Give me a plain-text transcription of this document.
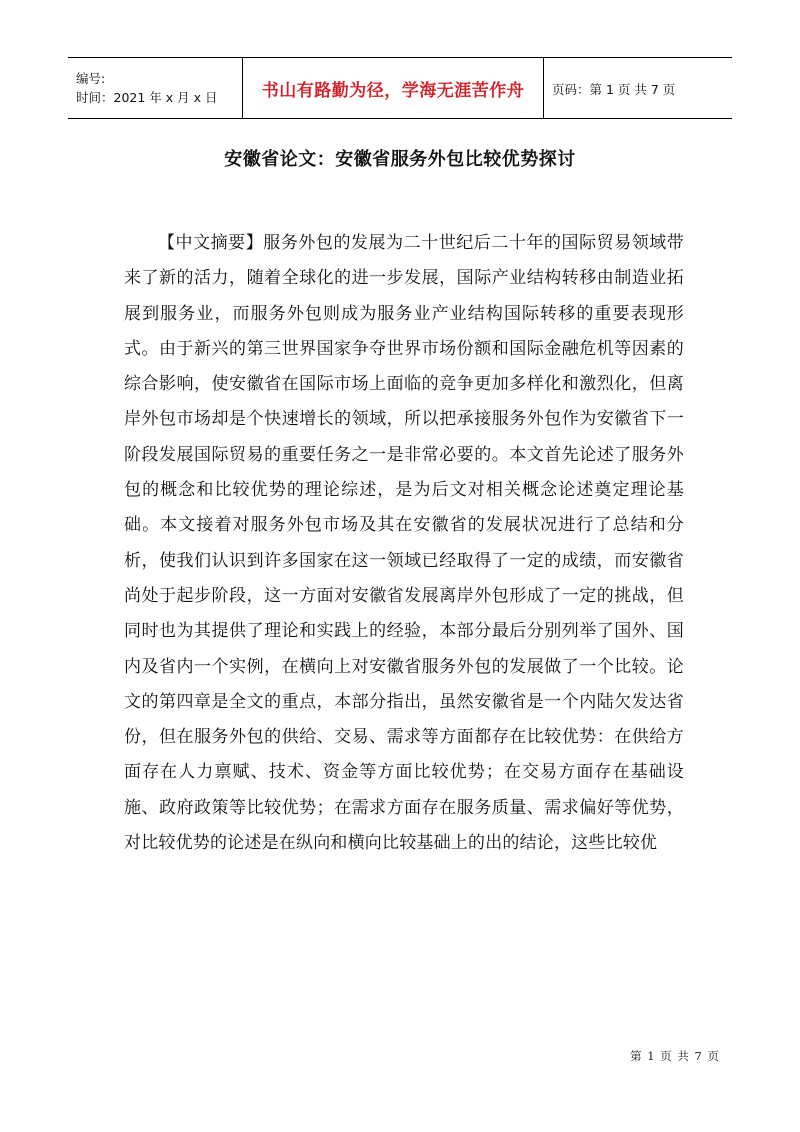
编号:
时间：2021 年 x 月 x 日	书山有路勤为径，学海无涯苦作舟	页码：第 1 页 共 7 页
安徽省论文：安徽省服务外包比较优势探讨
【中文摘要】服务外包的发展为二十世纪后二十年的国际贸易领域带来了新的活力，随着全球化的进一步发展，国际产业结构转移由制造业拓展到服务业，而服务外包则成为服务业产业结构国际转移的重要表现形式。由于新兴的第三世界国家争夺世界市场份额和国际金融危机等因素的综合影响，使安徽省在国际市场上面临的竞争更加多样化和激烈化，但离岸外包市场却是个快速增长的领域，所以把承接服务外包作为安徽省下一阶段发展国际贸易的重要任务之一是非常必要的。本文首先论述了服务外包的概念和比较优势的理论综述，是为后文对相关概念论述奠定理论基础。本文接着对服务外包市场及其在安徽省的发展状况进行了总结和分析，使我们认识到许多国家在这一领域已经取得了一定的成绩，而安徽省尚处于起步阶段，这一方面对安徽省发展离岸外包形成了一定的挑战，但同时也为其提供了理论和实践上的经验，本部分最后分别列举了国外、国内及省内一个实例，在横向上对安徽省服务外包的发展做了一个比较。论文的第四章是全文的重点，本部分指出，虽然安徽省是一个内陆欠发达省份，但在服务外包的供给、交易、需求等方面都存在比较优势：在供给方面存在人力禀赋、技术、资金等方面比较优势；在交易方面存在基础设施、政府政策等比较优势；在需求方面存在服务质量、需求偏好等优势，对比较优势的论述是在纵向和横向比较基础上的出的结论，这些比较优
第 1 页 共 7 页
